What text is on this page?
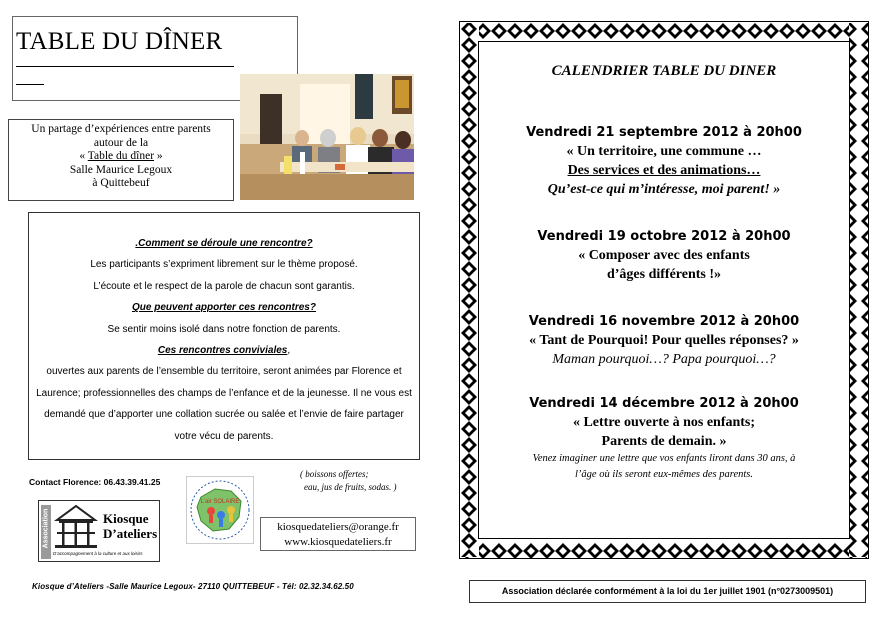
TABLE DU DÎNER
Un partage d’expériences entre parents
autour de la
« Table du dîner »
Salle Maurice Legoux
à Quittebeuf
.Comment se déroule une rencontre?
Les participants s’expriment librement sur le thème proposé.
L’écoute et le respect de la parole de chacun sont garantis.
Que peuvent apporter ces rencontres?
Se sentir moins isolé dans notre fonction de parents.
Ces rencontres conviviales,
ouvertes aux parents de l’ensemble du territoire, seront animées par Florence et Laurence; professionnelles des champs de l’enfance et de la jeunesse. Il ne vous est demandé que d’apporter une collation sucrée ou salée et l’envie de faire partager votre vécu de parents.
Contact Florence: 06.43.39.41.25
( boissons offertes;
eau, jus de fruits, sodas. )
Association	Kiosque
D’ateliers
D’accompagnement à la culture et aux loisirs
L’air SOLAIRE
kiosquedateliers@orange.fr
www.kiosquedateliers.fr
Kiosque d’Ateliers -Salle Maurice Legoux- 27110 QUITTEBEUF - Tél: 02.32.34.62.50	Association déclarée conformément à la loi du 1er juillet 1901 (n°0273009501)
CALENDRIER TABLE DU DINER
Vendredi 21 septembre 2012 à 20h00
« Un territoire, une commune …
Des services et des animations…
Qu’est-ce qui m’intéresse, moi parent! »
Vendredi 19 octobre 2012 à 20h00
« Composer avec des enfants
d’âges différents !»
Vendredi 16 novembre 2012 à 20h00
« Tant de Pourquoi! Pour quelles réponses? »
Maman pourquoi…? Papa pourquoi…?
Vendredi 14 décembre 2012 à 20h00
« Lettre ouverte à nos enfants;
Parents de demain. »
Venez imaginer une lettre que vos enfants liront dans 30 ans, à
l’âge où ils seront eux-mêmes des parents.
